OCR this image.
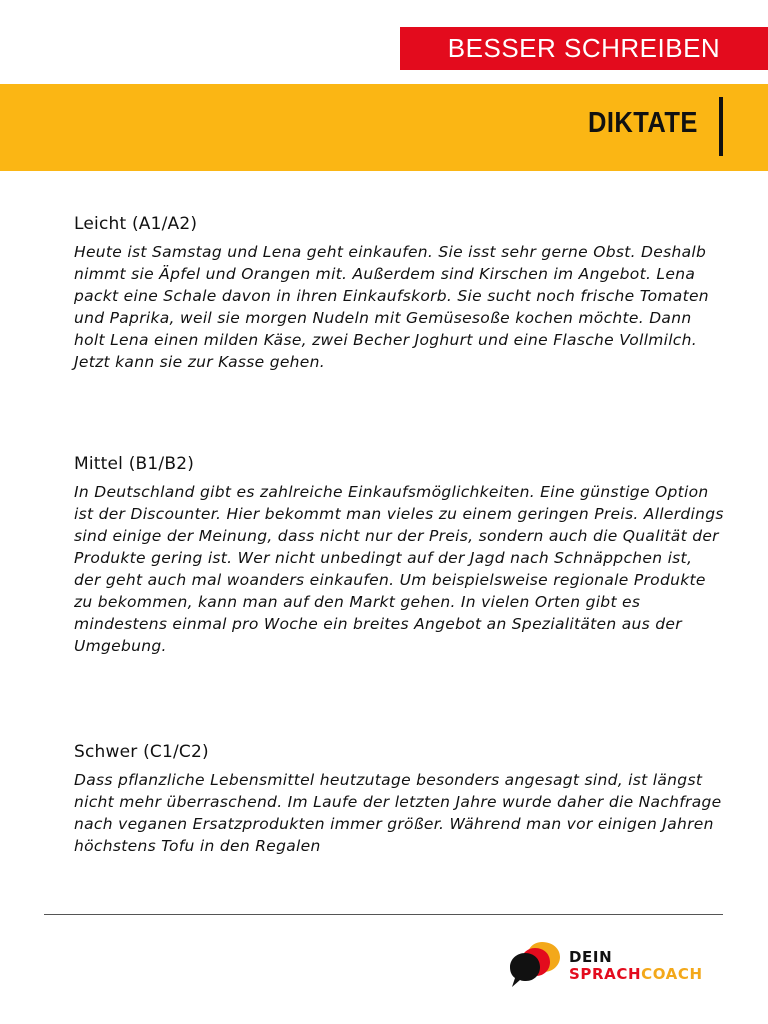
BESSER SCHREIBEN
DIKTATE
Leicht (A1/A2)

Heute ist Samstag und Lena geht einkaufen. Sie isst sehr gerne Obst. Deshalb nimmt sie Äpfel und Orangen mit. Außerdem sind Kirschen im Angebot. Lena packt eine Schale davon in ihren Einkaufskorb. Sie sucht noch frische Tomaten und Paprika, weil sie morgen Nudeln mit Gemüsesoße kochen möchte. Dann holt Lena einen milden Käse, zwei Becher Joghurt und eine Flasche Vollmilch. Jetzt kann sie zur Kasse gehen.

Mittel (B1/B2)

In Deutschland gibt es zahlreiche Einkaufsmöglichkeiten. Eine günstige Option ist der Discounter. Hier bekommt man vieles zu einem geringen Preis. Allerdings sind einige der Meinung, dass nicht nur der Preis, sondern auch die Qualität der Produkte gering ist. Wer nicht unbedingt auf der Jagd nach Schnäppchen ist, der geht auch mal woanders einkaufen. Um beispielsweise regionale Produkte zu bekommen, kann man auf den Markt gehen. In vielen Orten gibt es mindestens einmal pro Woche ein breites Angebot an Spezialitäten aus der Umgebung.

Schwer (C1/C2)

Dass pflanzliche Lebensmittel heutzutage besonders angesagt sind, ist längst nicht mehr überraschend. Im Laufe der letzten Jahre wurde daher die Nachfrage nach veganen Ersatzprodukten immer größer. Während man vor einigen Jahren höchstens Tofu in den Regalen

DEIN
SPRACHCOACH
